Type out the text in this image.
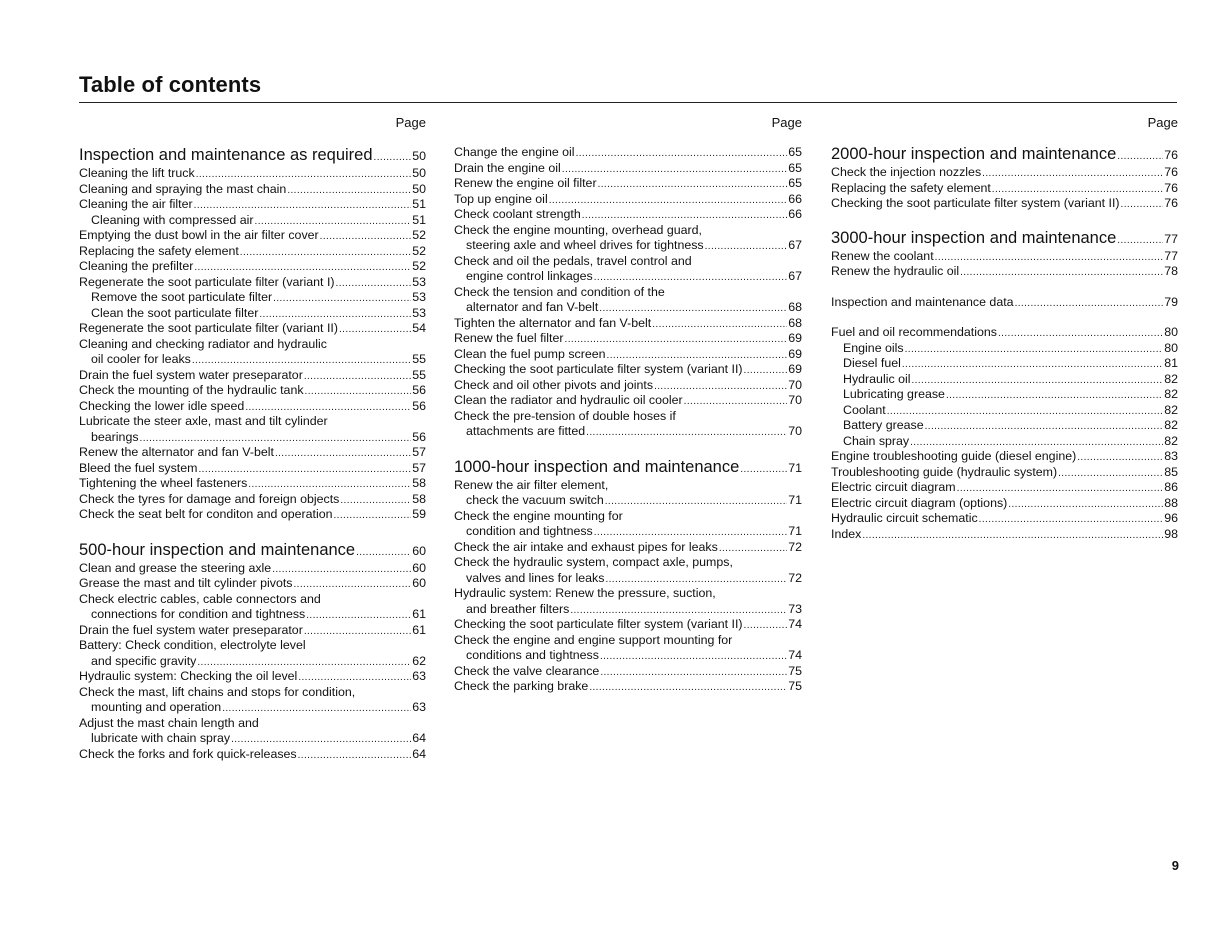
Table of contents
Page	Page	Page
Inspection and maintenance as required .....	50
Cleaning the lift truck .....	50
Cleaning and spraying the mast chain .....	50
Cleaning the air filter .....	51
Cleaning with compressed air .....	51
Emptying the dust bowl in the air filter cover .....	52
Replacing the safety element .....	52
Cleaning the prefilter .....	52
Regenerate the soot particulate filter (variant I) .....	53
Remove the soot particulate filter .....	53
Clean the soot particulate filter .....	53
Regenerate the soot particulate filter (variant II) .....	54
Cleaning and checking radiator and hydraulic
oil cooler for leaks .....	55
Drain the fuel system water preseparator .....	55
Check the mounting of the hydraulic tank .....	56
Checking the lower idle speed .....	56
Lubricate the steer axle, mast and tilt cylinder
bearings .....	56
Renew the alternator and fan V-belt .....	57
Bleed the fuel system .....	57
Tightening the wheel fasteners .....	58
Check the tyres for damage and foreign objects .....	58
Check the seat belt for conditon and operation .....	59
500-hour inspection and maintenance .....	60
Clean and grease the steering axle .....	60
Grease the mast and tilt cylinder pivots .....	60
Check electric cables, cable connectors and
connections for condition and tightness .....	61
Drain the fuel system water preseparator .....	61
Battery: Check condition, electrolyte level
and specific gravity .....	62
Hydraulic system: Checking the oil level .....	63
Check the mast, lift chains and stops for condition,
mounting and operation .....	63
Adjust the mast chain length and
lubricate with chain spray .....	64
Check the forks and fork quick-releases .....	64
Change the engine oil .....	65
Drain the engine oil .....	65
Renew the engine oil filter .....	65
Top up engine oil .....	66
Check coolant strength .....	66
Check the engine mounting, overhead guard,
steering axle and wheel drives for tightness .....	67
Check and oil the pedals, travel control and
engine control linkages .....	67
Check the tension and condition of the
alternator and fan V-belt .....	68
Tighten the alternator and fan V-belt .....	68
Renew the fuel filter .....	69
Clean the fuel pump screen .....	69
Checking the soot particulate filter system (variant II) .....	69
Check and oil other pivots and joints .....	70
Clean the radiator and hydraulic oil cooler .....	70
Check the pre-tension of double hoses if
attachments are fitted .....	70
1000-hour inspection and maintenance .....	71
Renew the air filter element,
check the vacuum switch .....	71
Check the engine mounting for
condition and tightness .....	71
Check the air intake and exhaust pipes for leaks .....	72
Check the hydraulic system, compact axle, pumps,
valves and lines for leaks .....	72
Hydraulic system: Renew the pressure, suction,
and breather filters .....	73
Checking the soot particulate filter system (variant II) .....	74
Check the engine and engine support mounting for
conditions and tightness .....	74
Check the valve clearance .....	75
Check the parking brake .....	75
2000-hour inspection and maintenance .....	76
Check the injection nozzles .....	76
Replacing the safety element .....	76
Checking the soot particulate filter system (variant II) .....	76
3000-hour inspection and maintenance .....	77
Renew the coolant .....	77
Renew the hydraulic oil .....	78
Inspection and maintenance data .....	79
Fuel and oil recommendations .....	80
Engine oils .....	80
Diesel fuel .....	81
Hydraulic oil .....	82
Lubricating grease .....	82
Coolant .....	82
Battery grease .....	82
Chain spray .....	82
Engine troubleshooting guide (diesel engine) .....	83
Troubleshooting guide (hydraulic system) .....	85
Electric circuit diagram .....	86
Electric circuit diagram (options) .....	88
Hydraulic circuit schematic .....	96
Index .....	98
9
